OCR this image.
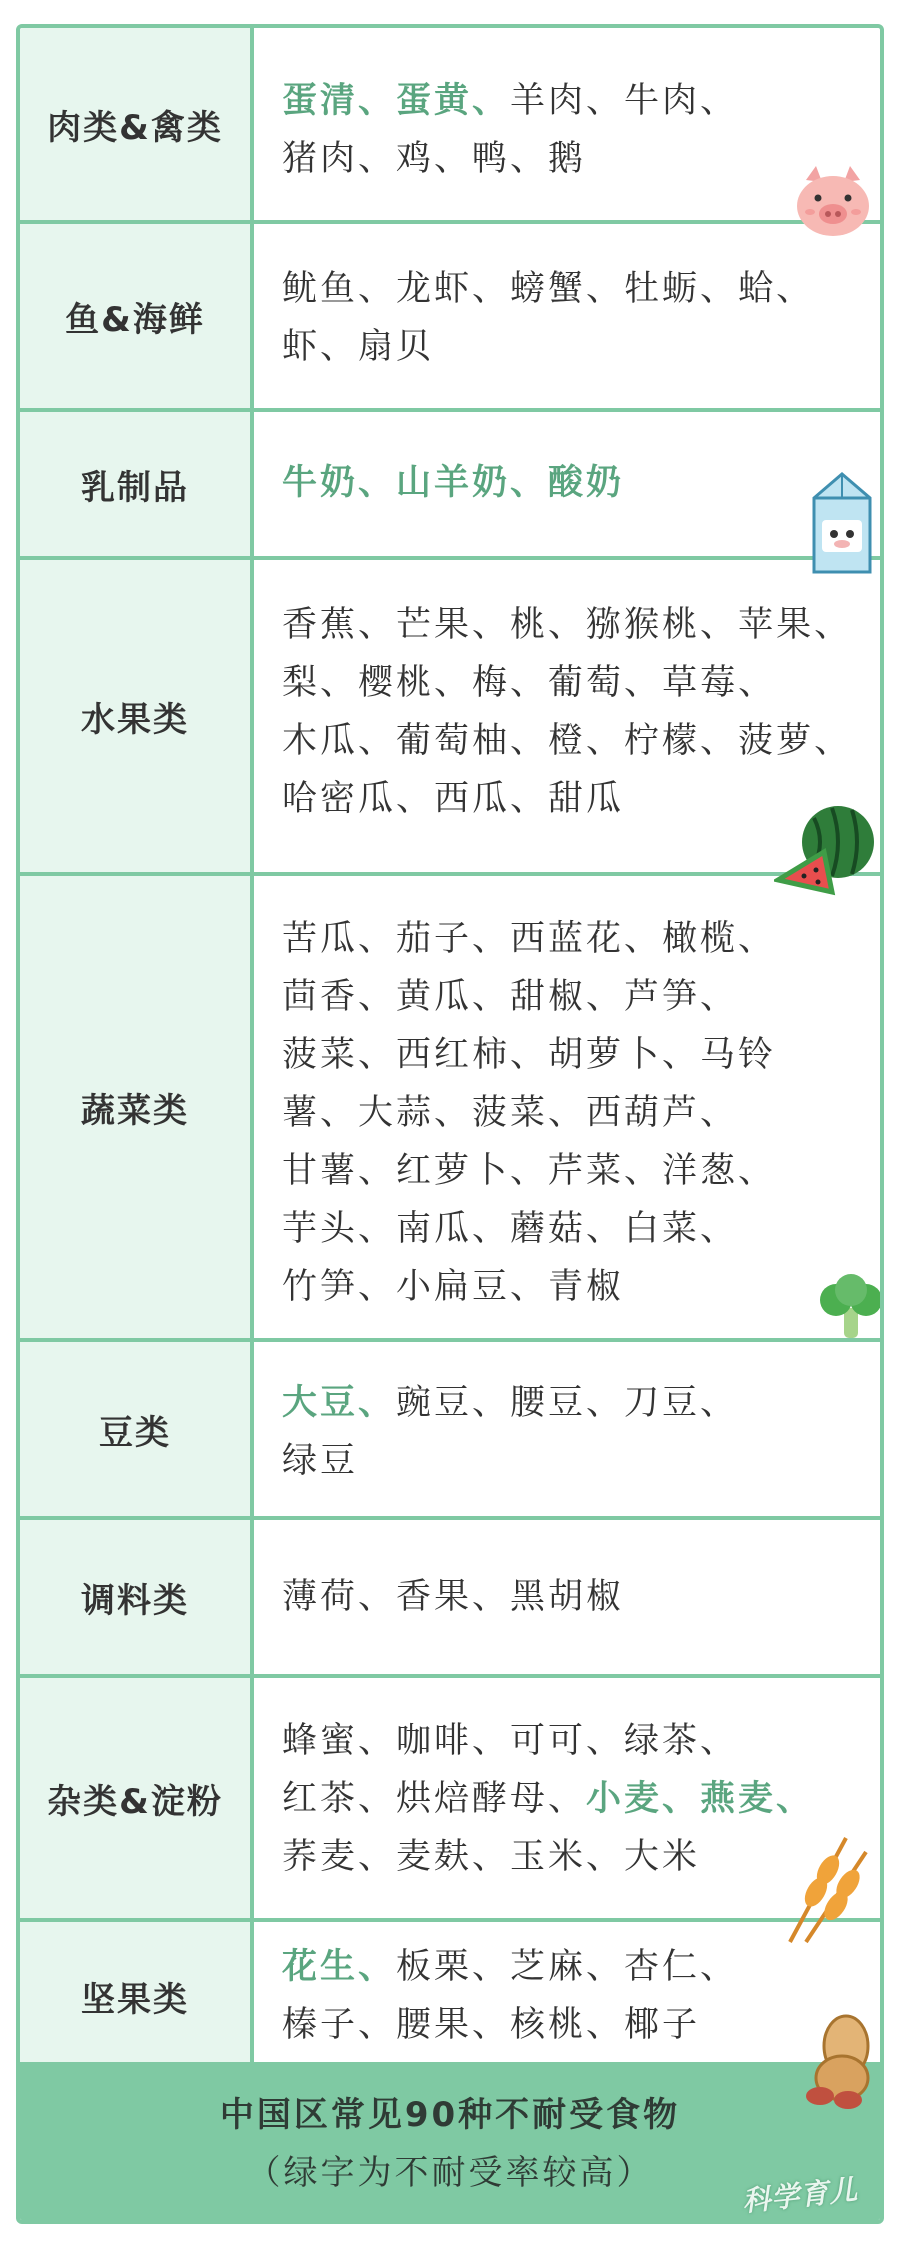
肉类&禽类
蛋清、蛋黄、羊肉、牛肉、
猪肉、鸡、鸭、鹅
鱼&海鲜
鱿鱼、龙虾、螃蟹、牡蛎、蛤、
虾、扇贝
乳制品	牛奶、山羊奶、酸奶
水果类
香蕉、芒果、桃、猕猴桃、苹果、
梨、樱桃、梅、葡萄、草莓、
木瓜、葡萄柚、橙、柠檬、菠萝、
哈密瓜、西瓜、甜瓜
蔬菜类
苦瓜、茄子、西蓝花、橄榄、
茴香、黄瓜、甜椒、芦笋、
菠菜、西红柿、胡萝卜、马铃
薯、大蒜、菠菜、西葫芦、
甘薯、红萝卜、芹菜、洋葱、
芋头、南瓜、蘑菇、白菜、
竹笋、小扁豆、青椒
豆类
大豆、豌豆、腰豆、刀豆、
绿豆
调料类	薄荷、香果、黑胡椒
杂类&淀粉
蜂蜜、咖啡、可可、绿茶、
红茶、烘焙酵母、小麦、燕麦、
荞麦、麦麸、玉米、大米
坚果类
花生、板栗、芝麻、杏仁、
榛子、腰果、核桃、椰子
中国区常见90种不耐受食物
（绿字为不耐受率较高）
科学育儿
